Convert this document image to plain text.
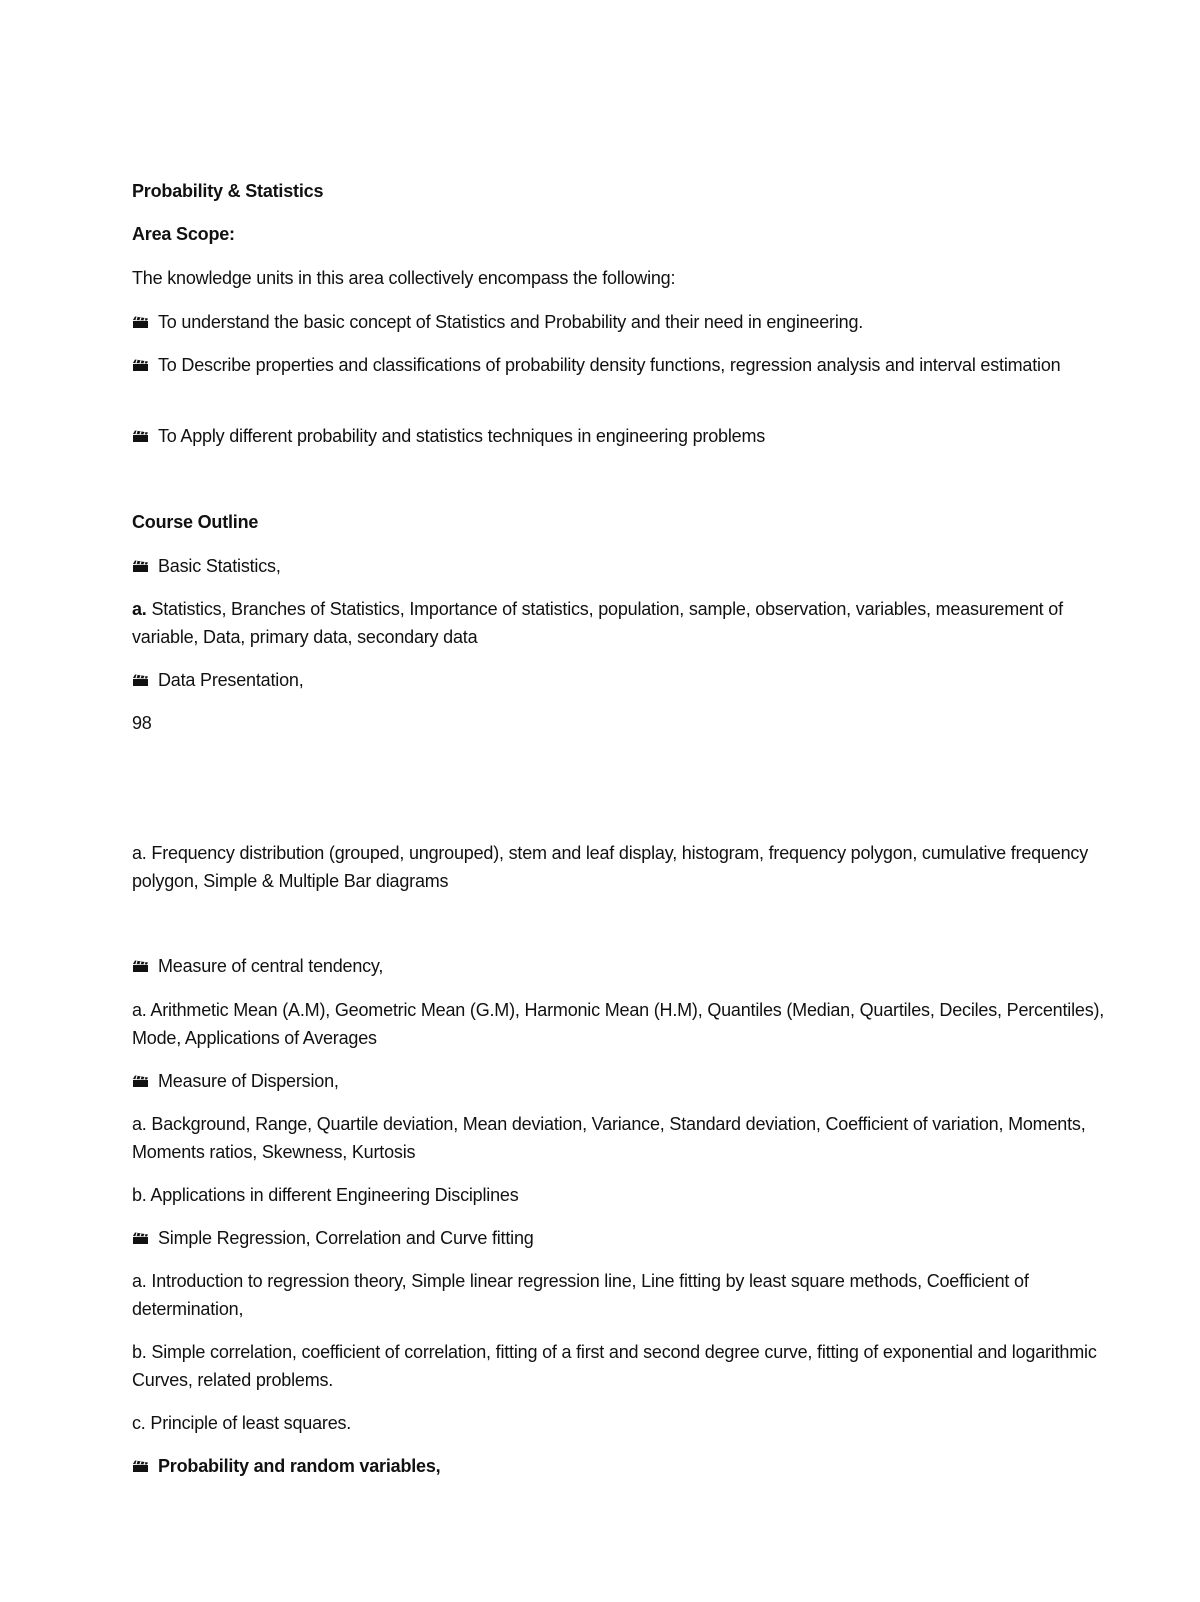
Probability & Statistics
Area Scope:
The knowledge units in this area collectively encompass the following:
To understand the basic concept of Statistics and Probability and their need in engineering.
To Describe properties and classifications of probability density functions, regression analysis and interval estimation
To Apply different probability and statistics techniques in engineering problems
Course Outline
Basic Statistics,
a. Statistics, Branches of Statistics, Importance of statistics, population, sample, observation, variables, measurement of variable, Data, primary data, secondary data
Data Presentation,
98
a. Frequency distribution (grouped, ungrouped), stem and leaf display, histogram, frequency polygon, cumulative frequency polygon, Simple & Multiple Bar diagrams
Measure of central tendency,
a. Arithmetic Mean (A.M), Geometric Mean (G.M), Harmonic Mean (H.M), Quantiles (Median, Quartiles, Deciles, Percentiles), Mode, Applications of Averages
Measure of Dispersion,
a. Background, Range, Quartile deviation, Mean deviation, Variance, Standard deviation, Coefficient of variation, Moments, Moments ratios, Skewness, Kurtosis
b. Applications in different Engineering Disciplines
Simple Regression, Correlation and Curve fitting
a. Introduction to regression theory, Simple linear regression line, Line fitting by least square methods, Coefficient of determination,
b. Simple correlation, coefficient of correlation, fitting of a first and second degree curve, fitting of exponential and logarithmic Curves, related problems.
c. Principle of least squares.
Probability and random variables,
